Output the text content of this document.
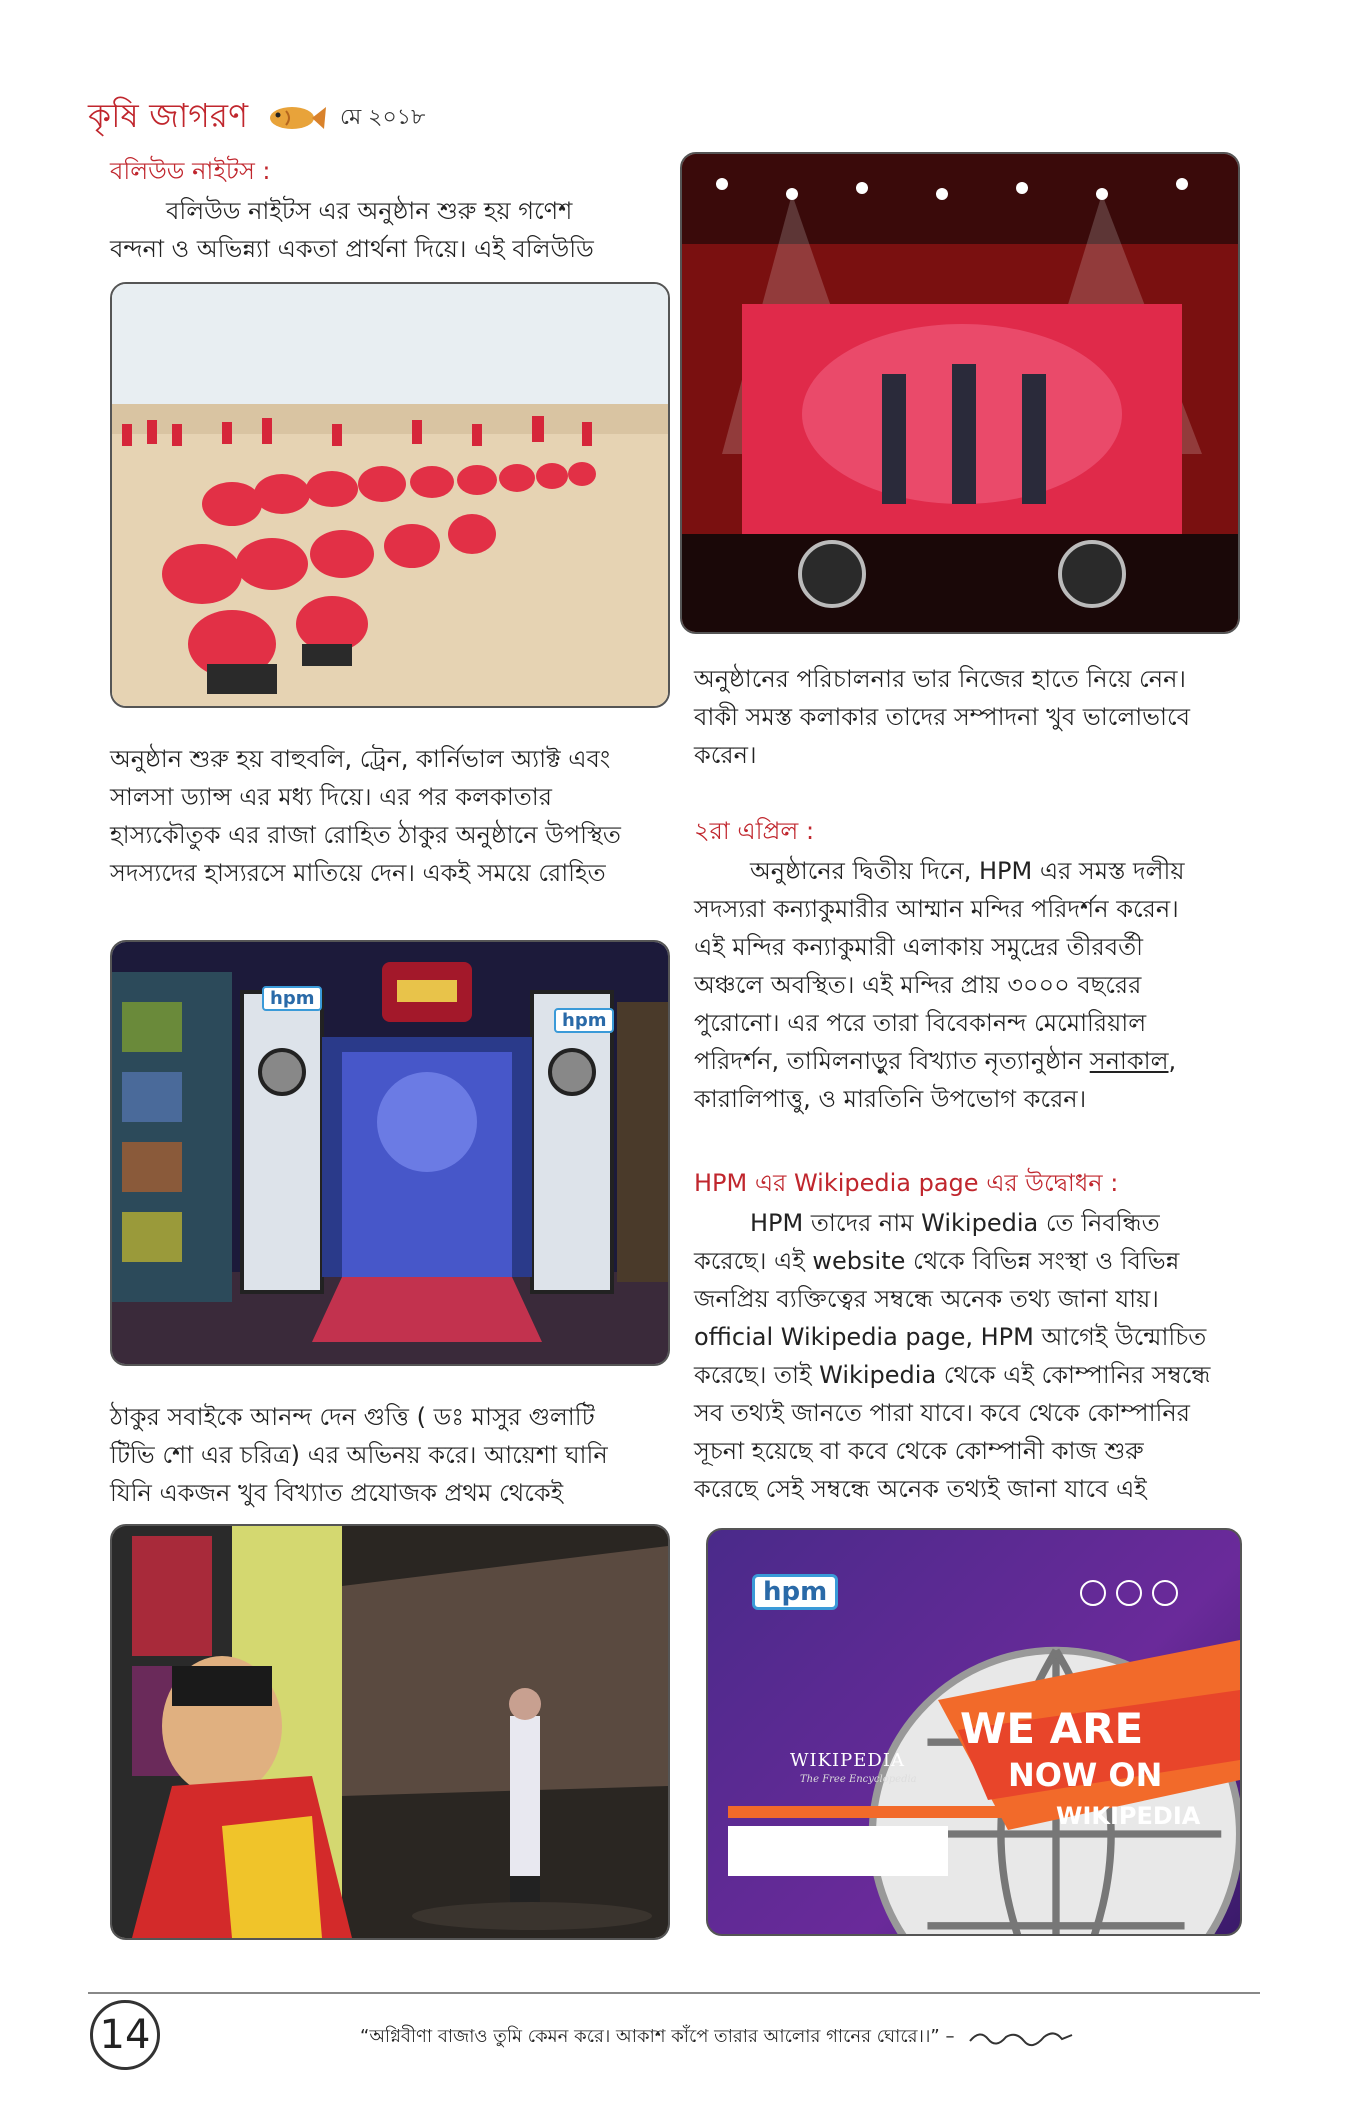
কৃষি জাগরণ	মে ২০১৮
বলিউড নাইটস :

বলিউড নাইটস এর অনুষ্ঠান শুরু হয় গণেশ

বন্দনা ও অভিন্ন্যা একতা প্রার্থনা দিয়ে। এই বলিউডি

অনুষ্ঠান শুরু হয় বাহুবলি, ট্রেন, কার্নিভাল অ্যাক্ট এবং

সালসা ড্যান্স এর মধ্য দিয়ে। এর পর কলকাতার

হাস্যকৌতুক এর রাজা রোহিত ঠাকুর অনুষ্ঠানে উপস্থিত

সদস্যদের হাস্যরসে মাতিয়ে দেন। একই সময়ে রোহিত

hpm
hpm

ঠাকুর সবাইকে আনন্দ দেন গুত্তি ( ডঃ মাসুর গুলাটি

টিভি শো এর চরিত্র) এর অভিনয় করে। আয়েশা ঘানি

যিনি একজন খুব বিখ্যাত প্রযোজক প্রথম থেকেই

অনুষ্ঠানের পরিচালনার ভার নিজের হাতে নিয়ে নেন।

বাকী সমস্ত কলাকার তাদের সম্পাদনা খুব ভালোভাবে

করেন।

২রা এপ্রিল :

অনুষ্ঠানের দ্বিতীয় দিনে, HPM এর সমস্ত দলীয়

সদস্যরা কন্যাকুমারীর আম্মান মন্দির পরিদর্শন করেন।

এই মন্দির কন্যাকুমারী এলাকায় সমুদ্রের তীরবর্তী

অঞ্চলে অবস্থিত। এই মন্দির প্রায় ৩০০০ বছরের

পুরোনো। এর পরে তারা বিবেকানন্দ মেমোরিয়াল

পরিদর্শন, তামিলনাড়ুর বিখ্যাত নৃত্যানুষ্ঠান সনাকাল,

কারালিপাত্তু, ও মারতিনি উপভোগ করেন।

HPM এর Wikipedia page এর উদ্বোধন :

HPM তাদের নাম Wikipedia তে নিবন্ধিত

করেছে। এই website থেকে বিভিন্ন সংস্থা ও বিভিন্ন

জনপ্রিয় ব্যক্তিত্বের সম্বন্ধে অনেক তথ্য জানা যায়।

official Wikipedia page, HPM আগেই উন্মোচিত

করেছে। তাই Wikipedia থেকে এই কোম্পানির সম্বন্ধে

সব তথ্যই জানতে পারা যাবে। কবে থেকে কোম্পানির

সূচনা হয়েছে বা কবে থেকে কোম্পানী কাজ শুরু

করেছে সেই সম্বন্ধে অনেক তথ্যই জানা যাবে এই

hpm
WIKIPEDIA
The Free Encyclopedia
WE ARE
NOW ON
WIKIPEDIA
14	“অগ্নিবীণা বাজাও তুমি কেমন করে। আকাশ কাঁপে তারার আলোর গানের ঘোরে।।” –
